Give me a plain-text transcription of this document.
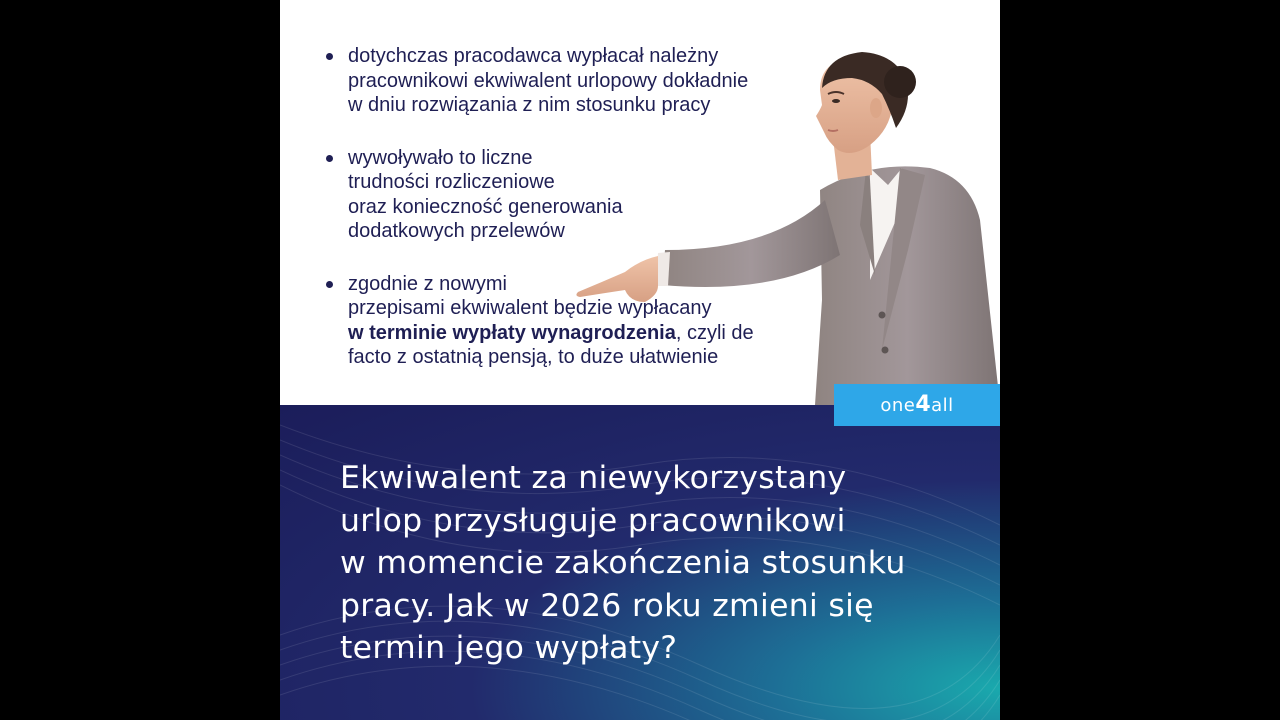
dotychczas pracodawca wypłacał należny
pracownikowi ekwiwalent urlopowy dokładnie
w dniu rozwiązania z nim stosunku pracy
wywoływało to liczne
trudności rozliczeniowe
oraz konieczność generowania
dodatkowych przelewów
zgodnie z nowymi
przepisami ekwiwalent będzie wypłacany
w terminie wypłaty wynagrodzenia, czyli de
facto z ostatnią pensją, to duże ułatwienie

Ekwiwalent za niewykorzystany
urlop przysługuje pracownikowi
w momencie zakończenia stosunku
pracy. Jak w 2026 roku zmieni się
termin jego wypłaty?

one4all
